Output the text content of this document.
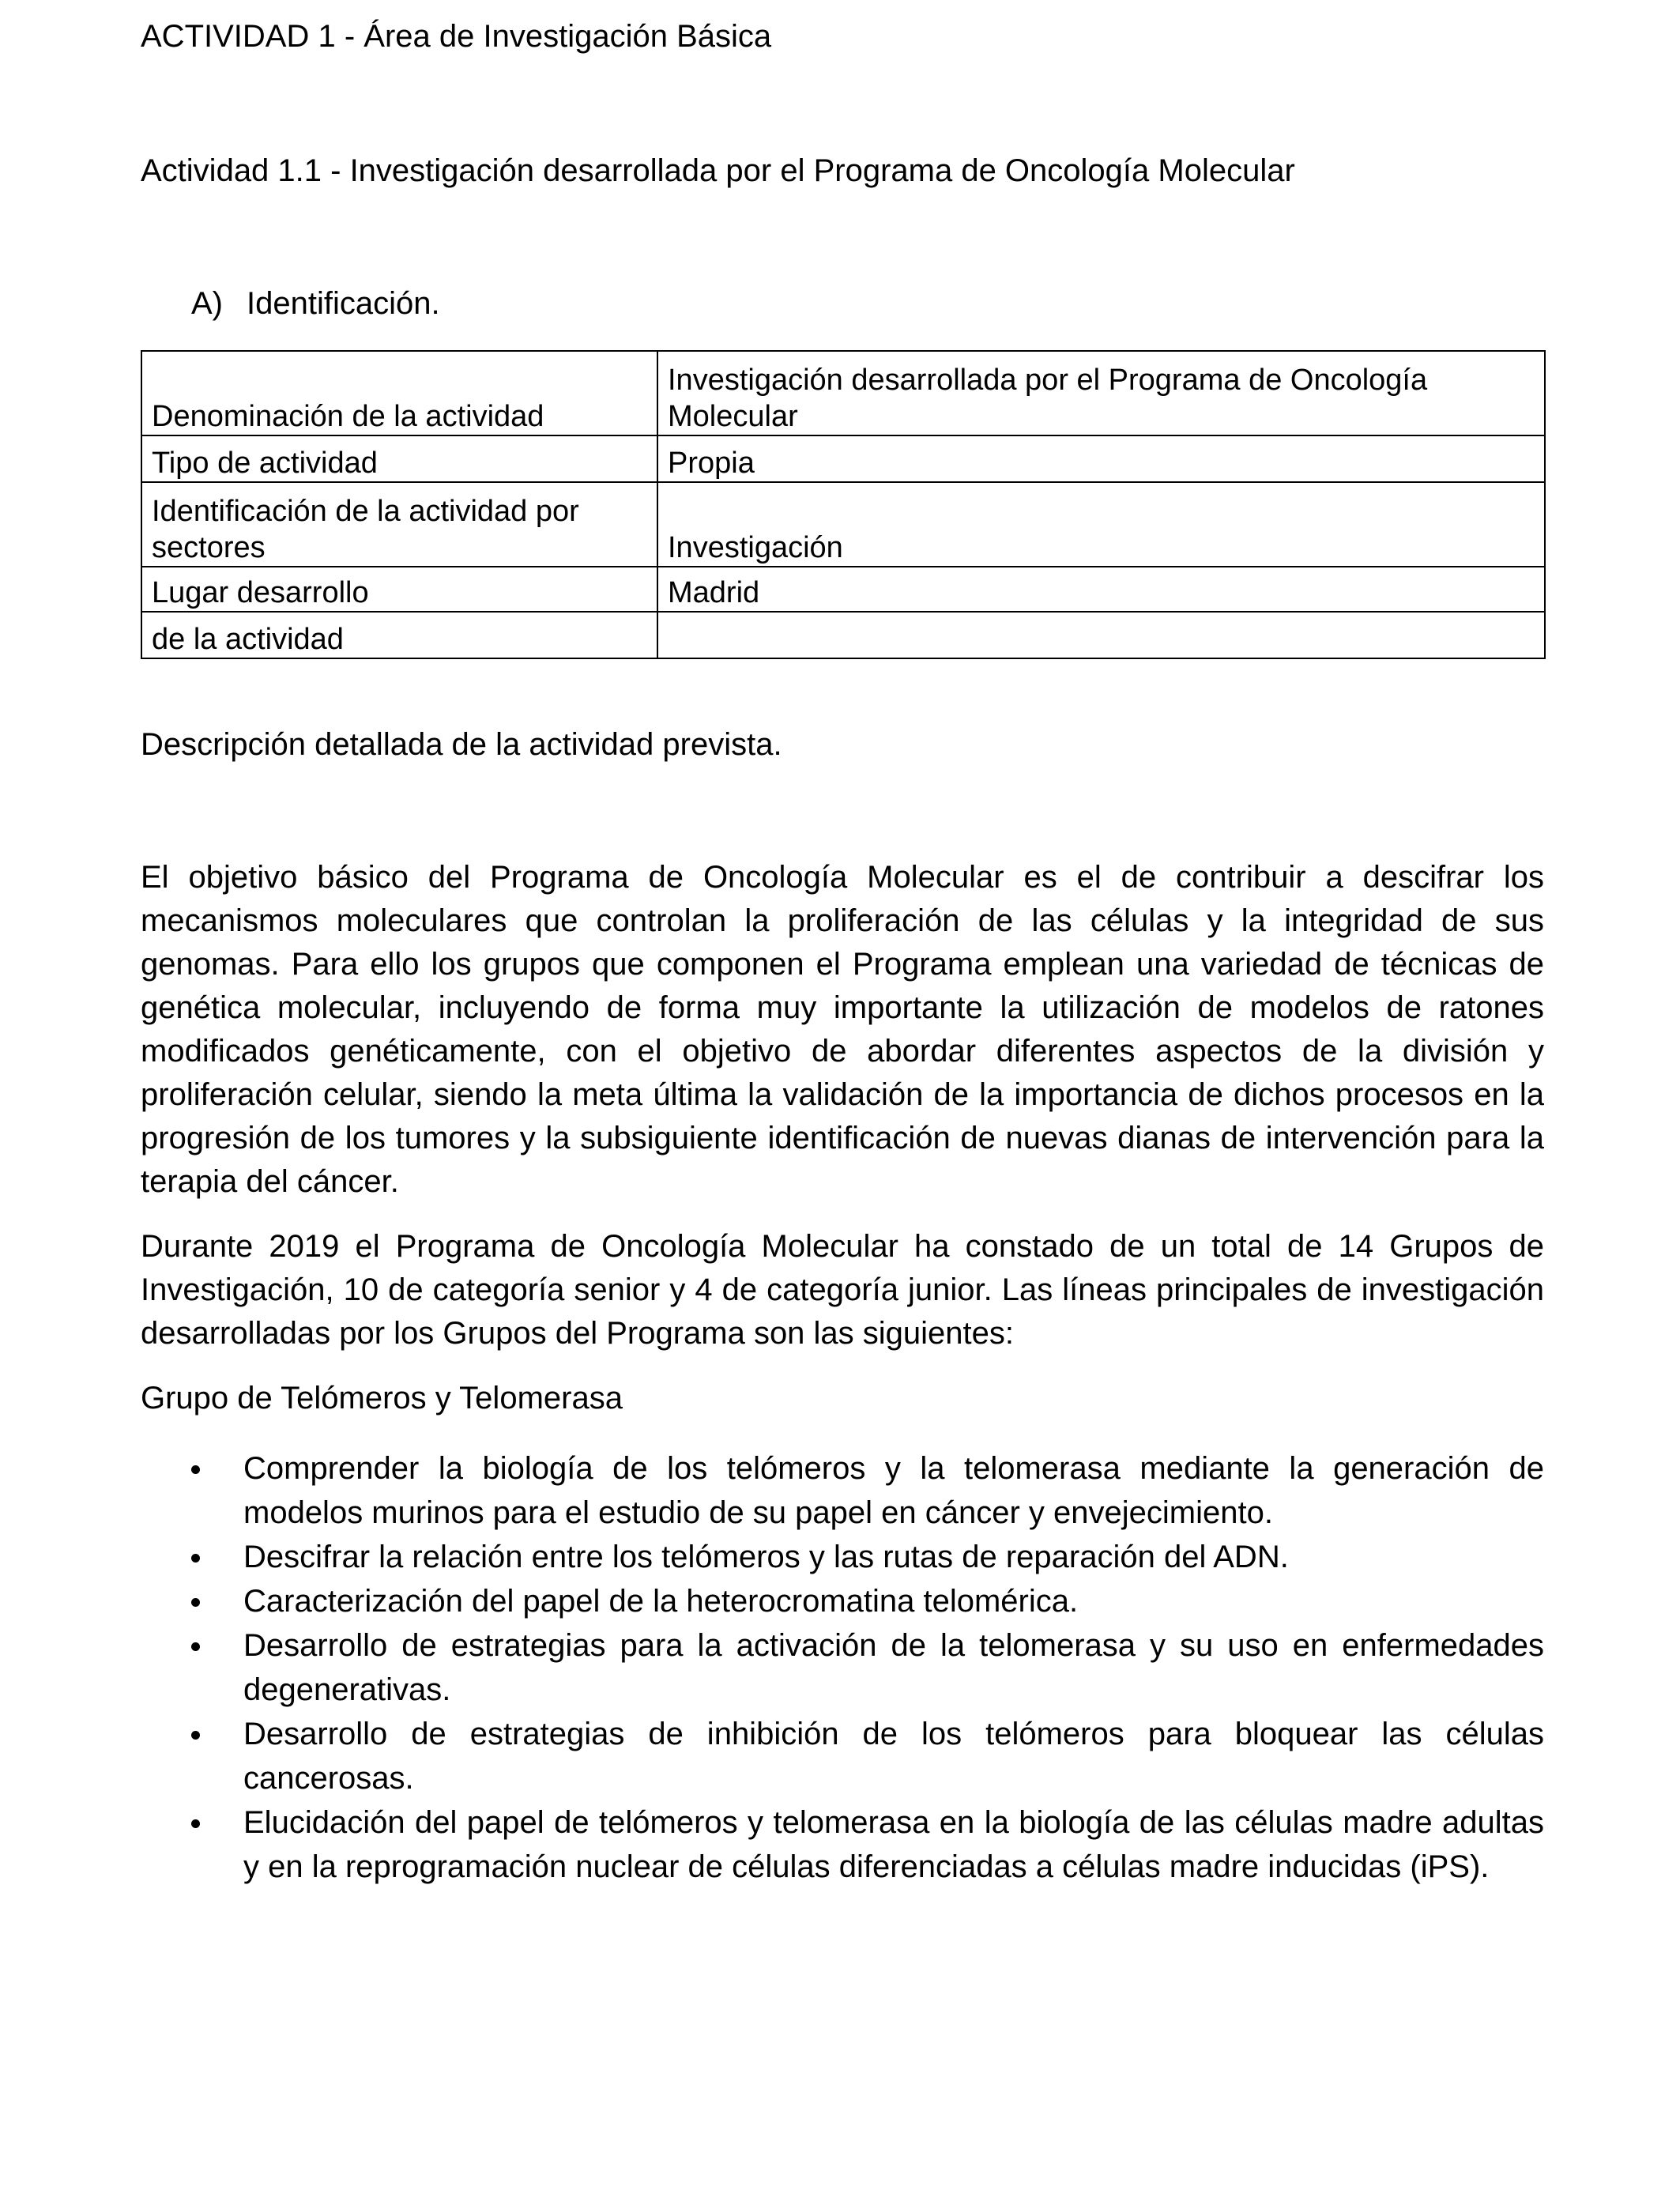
ACTIVIDAD 1 - Área de Investigación Básica

Actividad 1.1 - Investigación desarrollada por el Programa de Oncología Molecular

A) Identificación.

Denominación de la actividad	Investigación desarrollada por el Programa de Oncología Molecular
Tipo de actividad	Propia
Identificación de la actividad por sectores	Investigación
Lugar desarrollo	Madrid
de la actividad	

Descripción detallada de la actividad prevista.

El objetivo básico del Programa de Oncología Molecular es el de contribuir a descifrar los mecanismos moleculares que controlan la proliferación de las células y la integridad de sus genomas. Para ello los grupos que componen el Programa emplean una variedad de técnicas de genética molecular, incluyendo de forma muy importante la utilización de modelos de ratones modificados genéticamente, con el objetivo de abordar diferentes aspectos de la división y proliferación celular, siendo la meta última la validación de la importancia de dichos procesos en la progresión de los tumores y la subsiguiente identificación de nuevas dianas de intervención para la terapia del cáncer.

Durante 2019 el Programa de Oncología Molecular ha constado de un total de 14 Grupos de Investigación, 10 de categoría senior y 4 de categoría junior. Las líneas principales de investigación desarrolladas por los Grupos del Programa son las siguientes:

Grupo de Telómeros y Telomerasa

Comprender la biología de los telómeros y la telomerasa mediante la generación de modelos murinos para el estudio de su papel en cáncer y envejecimiento.
Descifrar la relación entre los telómeros y las rutas de reparación del ADN.
Caracterización del papel de la heterocromatina telomérica.
Desarrollo de estrategias para la activación de la telomerasa y su uso en enfermedades degenerativas.
Desarrollo de estrategias de inhibición de los telómeros para bloquear las células cancerosas.
Elucidación del papel de telómeros y telomerasa en la biología de las células madre adultas y en la reprogramación nuclear de células diferenciadas a células madre inducidas (iPS).
